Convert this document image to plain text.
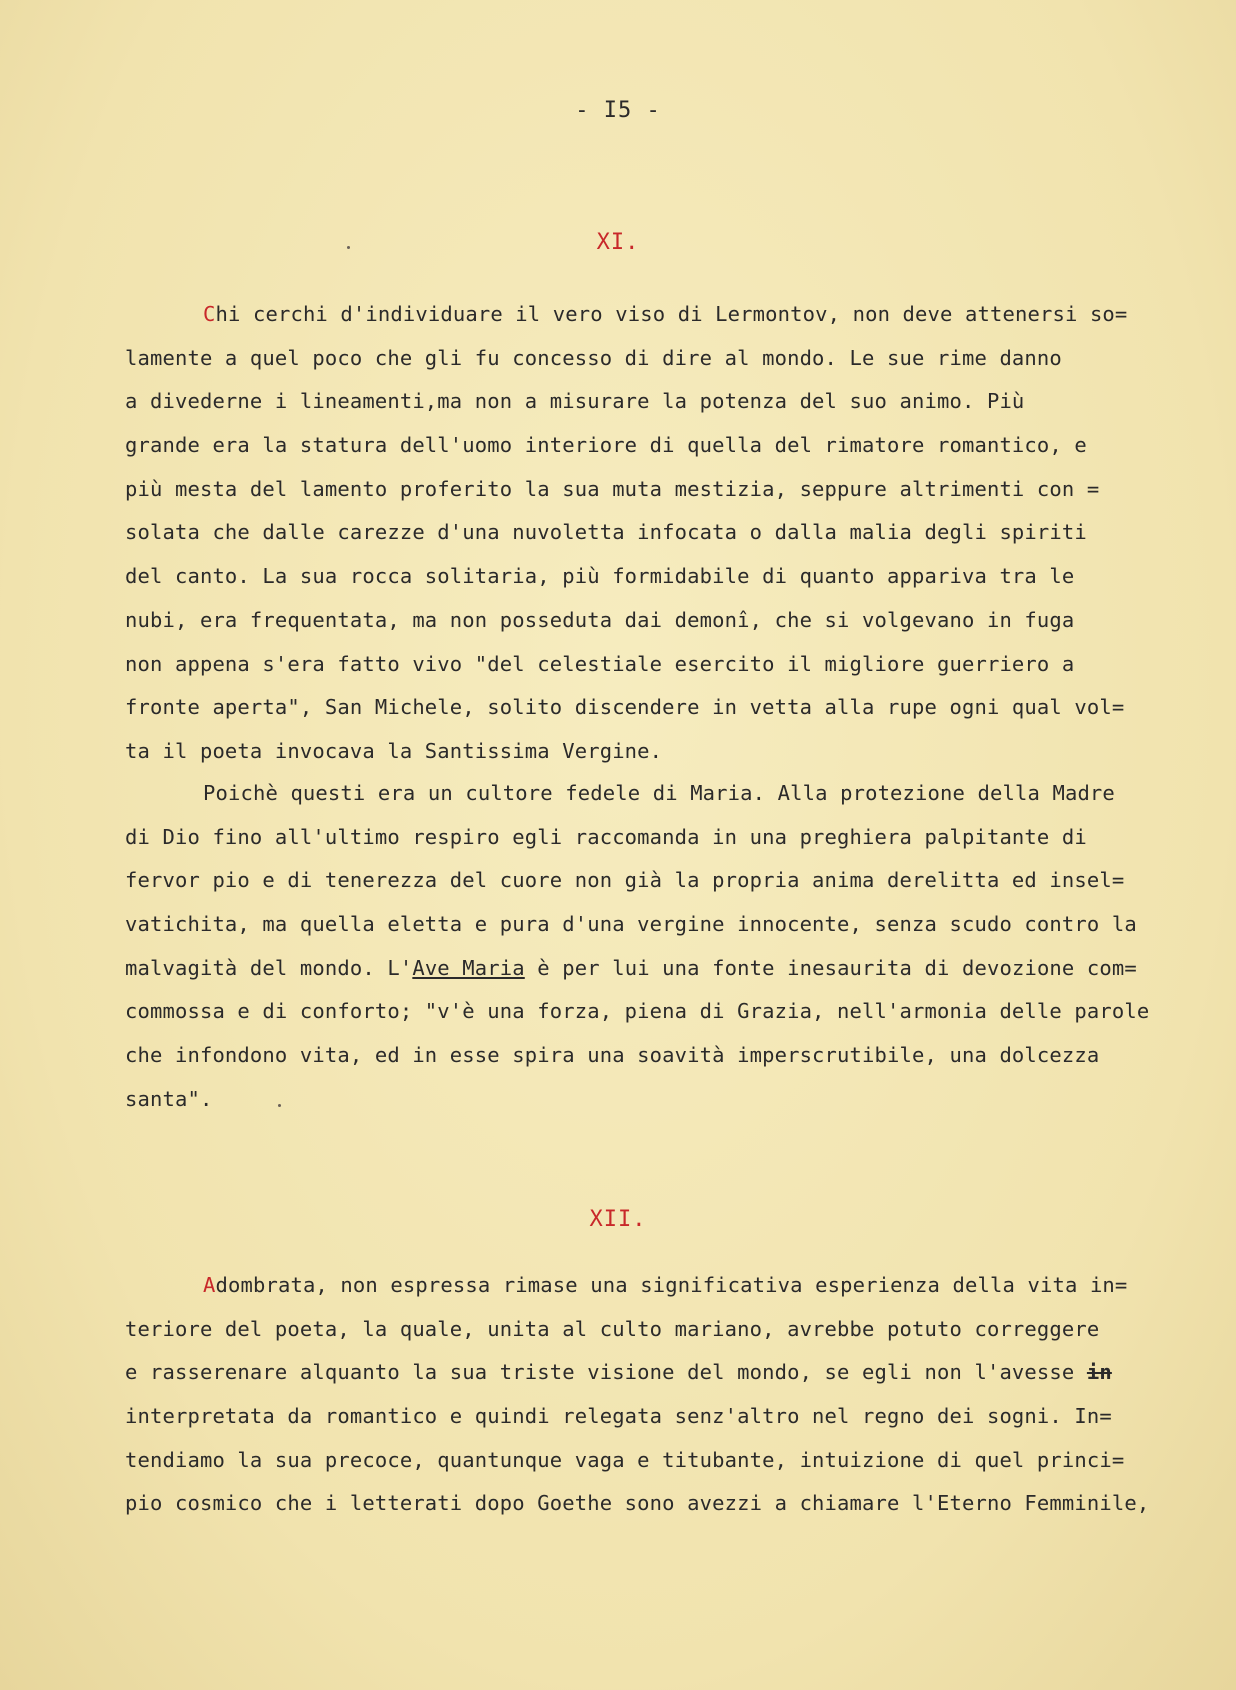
- I5 -
XI.
Chi cerchi d'individuare il vero viso di Lermontov, non deve attenersi so=
lamente a quel poco che gli fu concesso di dire al mondo. Le sue rime danno
a divederne i lineamenti,ma non a misurare la potenza del suo animo. Più
grande era la statura dell'uomo interiore di quella del rimatore romantico, e
più mesta del lamento proferito la sua muta mestizia, seppure altrimenti con =
solata che dalle carezze d'una nuvoletta infocata o dalla malia degli spiriti
del canto. La sua rocca solitaria, più formidabile di quanto appariva tra le
nubi, era frequentata, ma non posseduta dai demonî, che si volgevano in fuga
non appena s'era fatto vivo "del celestiale esercito il migliore guerriero a
fronte aperta", San Michele, solito discendere in vetta alla rupe ogni qual vol=
ta il poeta invocava la Santissima Vergine.
Poichè questi era un cultore fedele di Maria. Alla protezione della Madre
di Dio fino all'ultimo respiro egli raccomanda in una preghiera palpitante di
fervor pio e di tenerezza del cuore non già la propria anima derelitta ed insel=
vatichita, ma quella eletta e pura d'una vergine innocente, senza scudo contro la
malvagità del mondo. L'Ave Maria è per lui una fonte inesaurita di devozione com=
commossa e di conforto; "v'è una forza, piena di Grazia, nell'armonia delle parole
che infondono vita, ed in esse spira una soavità imperscrutibile, una dolcezza
santa".
XII.
Adombrata, non espressa rimase una significativa esperienza della vita in=
teriore del poeta, la quale, unita al culto mariano, avrebbe potuto correggere
e rasserenare alquanto la sua triste visione del mondo, se egli non l'avesse in
interpretata da romantico e quindi relegata senz'altro nel regno dei sogni. In=
tendiamo la sua precoce, quantunque vaga e titubante, intuizione di quel princi=
pio cosmico che i letterati dopo Goethe sono avezzi a chiamare l'Eterno Femminile,
